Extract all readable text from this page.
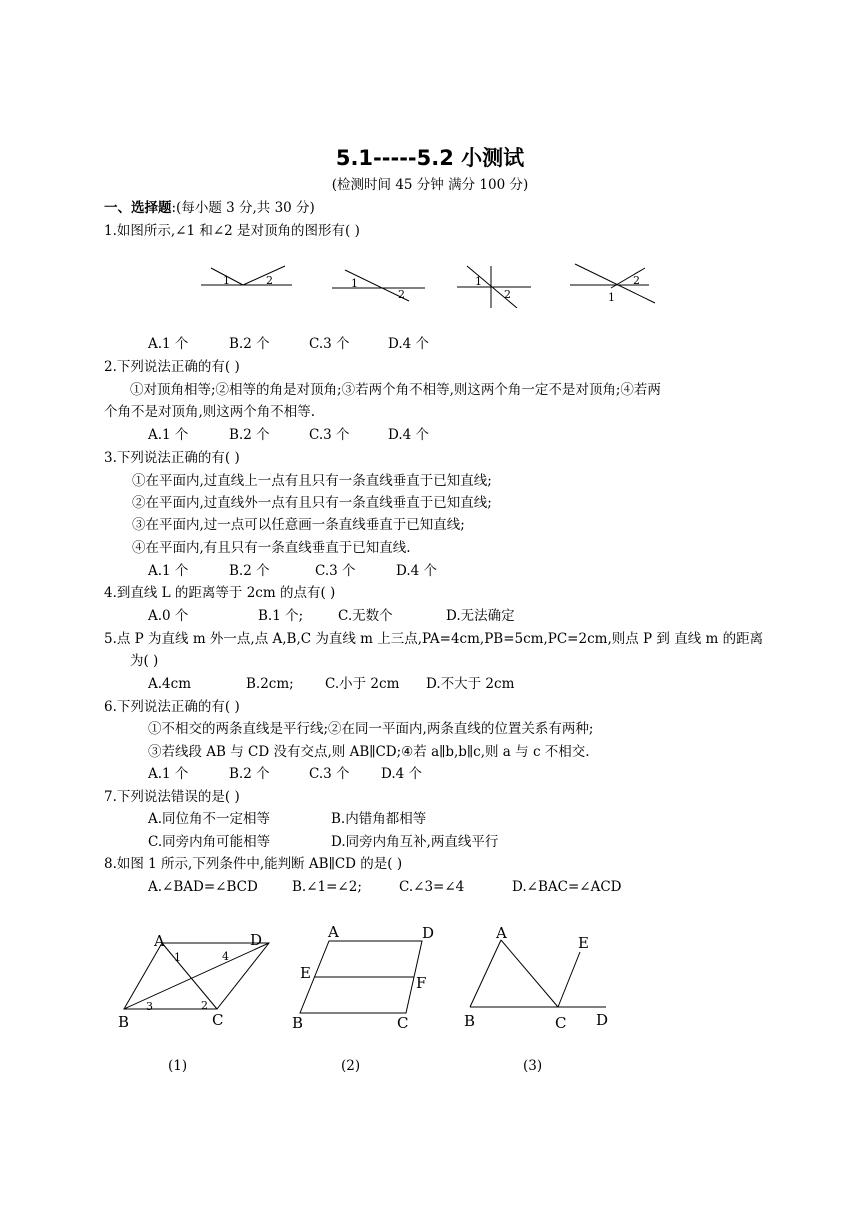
5.1-----5.2 小测试
(检测时间 45 分钟 满分 100 分)
一、选择题:(每小题 3 分,共 30 分)
1.如图所示,∠1 和∠2 是对顶角的图形有( )
1	2	1
2
1
2	1
2
A.1 个	B.2 个	C.3 个	D.4 个
2.下列说法正确的有( )
①对顶角相等;②相等的角是对顶角;③若两个角不相等,则这两个角一定不是对顶角;④若两
个角不是对顶角,则这两个角不相等.
A.1 个	B.2 个	C.3 个	D.4 个
3.下列说法正确的有( )
①在平面内,过直线上一点有且只有一条直线垂直于已知直线;
②在平面内,过直线外一点有且只有一条直线垂直于已知直线;
③在平面内,过一点可以任意画一条直线垂直于已知直线;
④在平面内,有且只有一条直线垂直于已知直线.
A.1 个	B.2 个	C.3 个	D.4 个
4.到直线 L 的距离等于 2cm 的点有( )
A.0 个	B.1 个;	C.无数个	D.无法确定
5.点 P 为直线 m 外一点,点 A,B,C 为直线 m 上三点,PA=4cm,PB=5cm,PC=2cm,则点 P 到 直线 m 的距离
为( )
A.4cm	B.2cm; C.小于 2cm D.不大于 2cm
6.下列说法正确的有( )
①不相交的两条直线是平行线;②在同一平面内,两条直线的位置关系有两种;
③若线段 AB 与 CD 没有交点,则 AB∥CD;④若 a∥b,b∥c,则 a 与 c 不相交.
A.1 个	B.2 个	C.3 个 D.4 个
7.下列说法错误的是( )
A.同位角不一定相等	B.内错角都相等
C.同旁内角可能相等	D.同旁内角互补,两直线平行
8.如图 1 所示,下列条件中,能判断 AB∥CD 的是( )
A.∠BAD=∠BCD	B.∠1=∠2;	C.∠3=∠4	D.∠BAC=∠ACD
A	D
B	C
1	4
3	2
A	D
E
F
B	C
A
E
B	C D
(1)	(2)	(3)
